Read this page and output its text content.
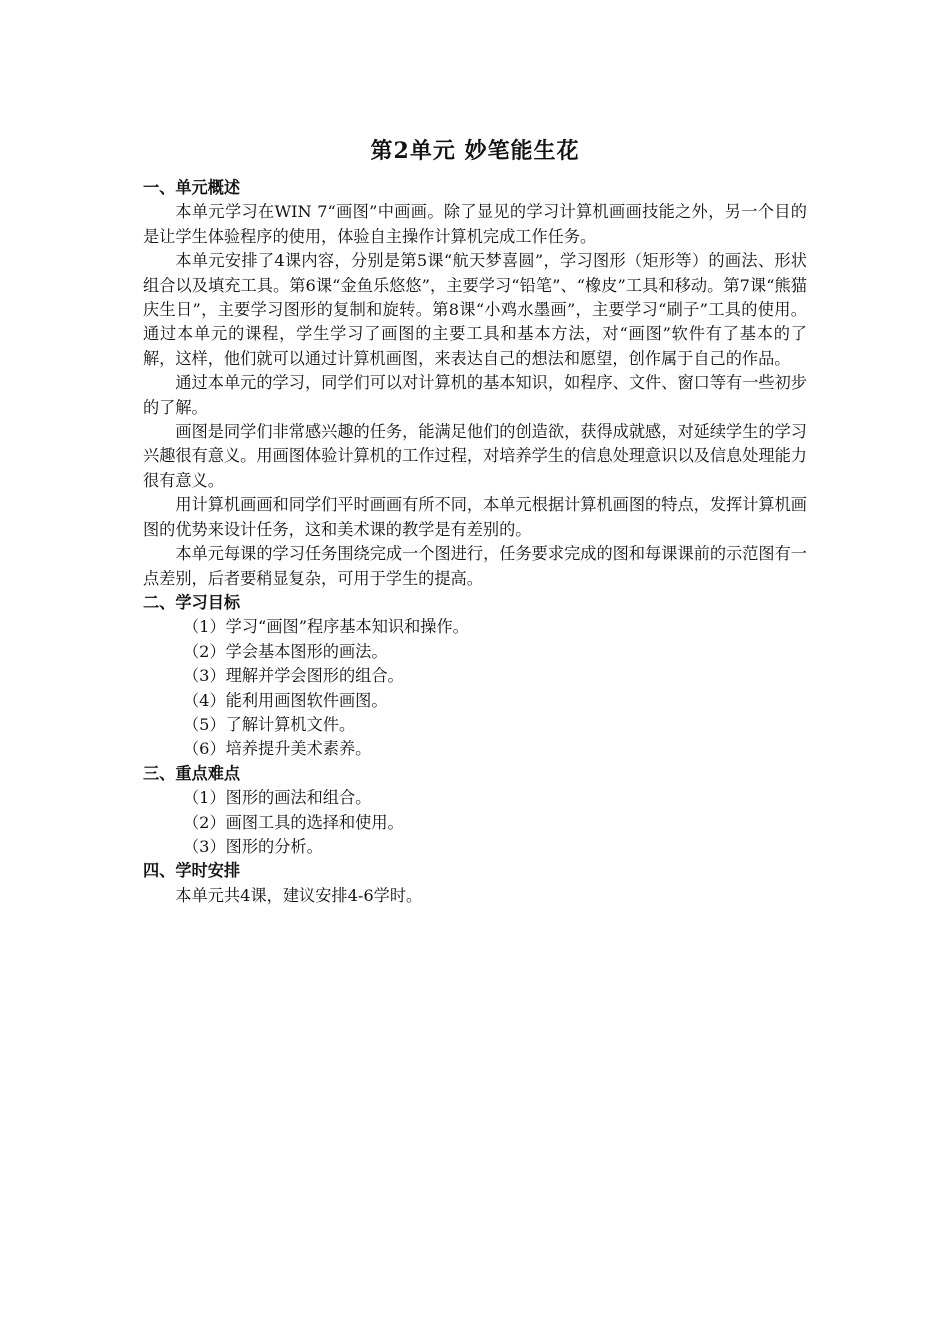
第2单元 妙笔能生花

一、单元概述

本单元学习在WIN 7“画图”中画画。除了显见的学习计算机画画技能之外，另一个目的是让学生体验程序的使用，体验自主操作计算机完成工作任务。

本单元安排了4课内容，分别是第5课“航天梦喜圆”，学习图形（矩形等）的画法、形状组合以及填充工具。第6课“金鱼乐悠悠”，主要学习“铅笔”、“橡皮”工具和移动。第7课“熊猫庆生日”，主要学习图形的复制和旋转。第8课“小鸡水墨画”，主要学习“刷子”工具的使用。通过本单元的课程，学生学习了画图的主要工具和基本方法，对“画图”软件有了基本的了解，这样，他们就可以通过计算机画图，来表达自己的想法和愿望，创作属于自己的作品。

通过本单元的学习，同学们可以对计算机的基本知识，如程序、文件、窗口等有一些初步的了解。

画图是同学们非常感兴趣的任务，能满足他们的创造欲，获得成就感，对延续学生的学习兴趣很有意义。用画图体验计算机的工作过程，对培养学生的信息处理意识以及信息处理能力很有意义。

用计算机画画和同学们平时画画有所不同，本单元根据计算机画图的特点，发挥计算机画图的优势来设计任务，这和美术课的教学是有差别的。

本单元每课的学习任务围绕完成一个图进行，任务要求完成的图和每课课前的示范图有一点差别，后者要稍显复杂，可用于学生的提高。

二、学习目标

（1）学习“画图”程序基本知识和操作。

（2）学会基本图形的画法。

（3）理解并学会图形的组合。

（4）能利用画图软件画图。

（5）了解计算机文件。

（6）培养提升美术素养。

三、重点难点

（1）图形的画法和组合。

（2）画图工具的选择和使用。

（3）图形的分析。

四、学时安排

本单元共4课，建议安排4-6学时。
